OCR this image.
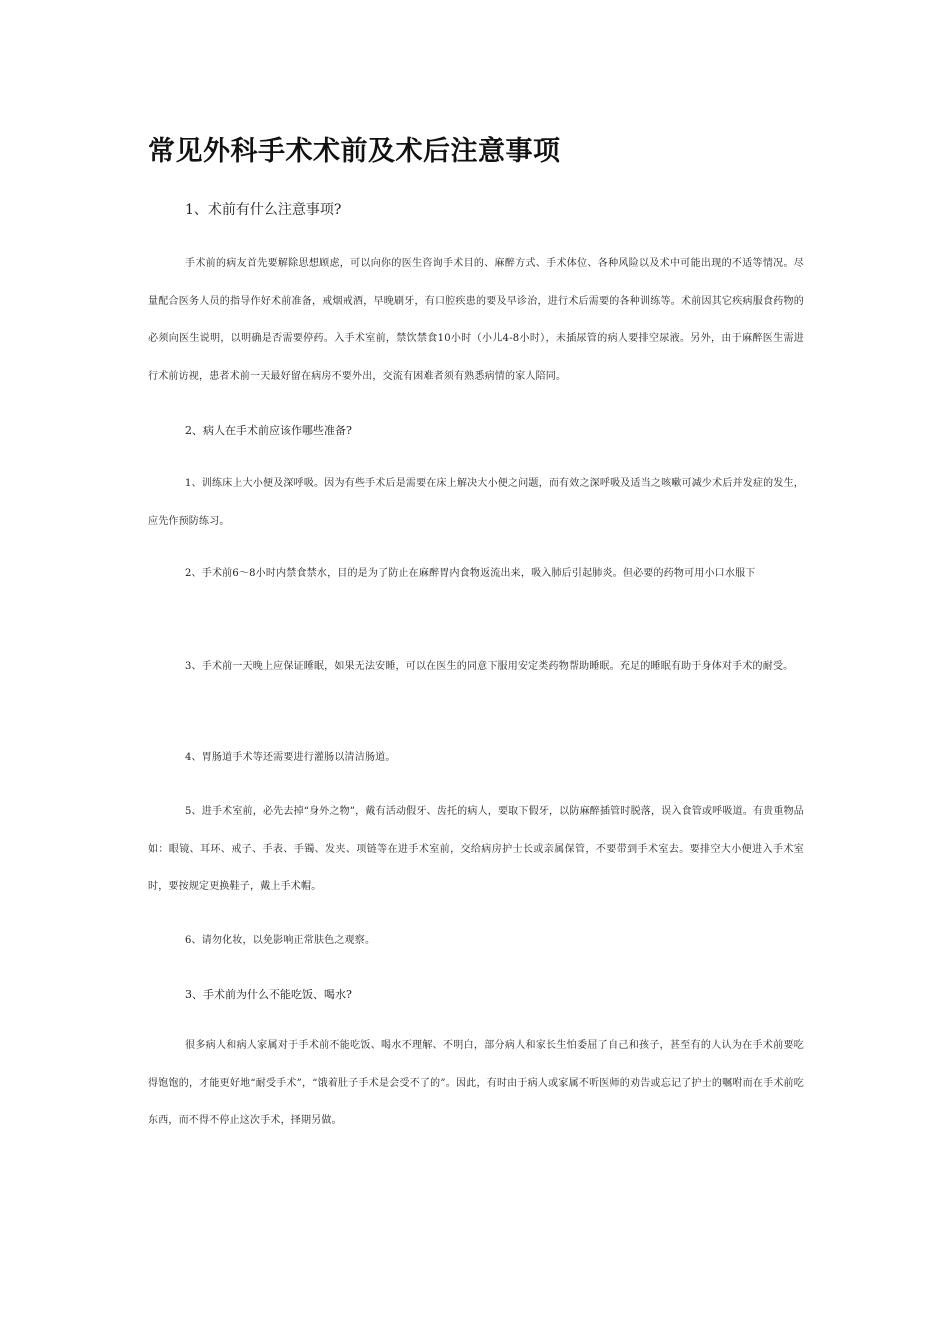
常见外科手术术前及术后注意事项

1、术前有什么注意事项?

手术前的病友首先要解除思想顾虑，可以向你的医生咨询手术目的、麻醉方式、手术体位、各种风险以及术中可能出现的不适等情况。尽量配合医务人员的指导作好术前准备，戒烟戒酒，早晚刷牙，有口腔疾患的要及早诊治，进行术后需要的各种训练等。术前因其它疾病服食药物的必须向医生说明，以明确是否需要停药。入手术室前，禁饮禁食10小时（小儿4-8小时），未插尿管的病人要排空尿液。另外，由于麻醉医生需进行术前访视，患者术前一天最好留在病房不要外出，交流有困难者须有熟悉病情的家人陪同。

2、病人在手术前应该作哪些准备?

1、训练床上大小便及深呼吸。因为有些手术后是需要在床上解决大小便之问题，而有效之深呼吸及适当之咳嗽可减少术后并发症的发生，应先作预防练习。

2、手术前6～8小时内禁食禁水，目的是为了防止在麻醉胃内食物返流出来，吸入肺后引起肺炎。但必要的药物可用小口水服下

3、手术前一天晚上应保证睡眠，如果无法安睡，可以在医生的同意下服用安定类药物帮助睡眠。充足的睡眠有助于身体对手术的耐受。

4、胃肠道手术等还需要进行灌肠以清洁肠道。

5、进手术室前，必先去掉“身外之物”，戴有活动假牙、齿托的病人，要取下假牙，以防麻醉插管时脱落，误入食管或呼吸道。有贵重物品如：眼镜、耳环、戒子、手表、手镯、发夹、项链等在进手术室前，交给病房护士长或亲属保管，不要带到手术室去。要排空大小便进入手术室时，要按规定更换鞋子，戴上手术帽。

6、请勿化妆，以免影响正常肤色之观察。

3、手术前为什么不能吃饭、喝水?

很多病人和病人家属对于手术前不能吃饭、喝水不理解、不明白，部分病人和家长生怕委屈了自己和孩子，甚至有的人认为在手术前要吃得饱饱的，才能更好地“耐受手术”，“饿着肚子手术是会受不了的”。因此，有时由于病人或家属不听医师的劝告或忘记了护士的嘱咐而在手术前吃东西，而不得不停止这次手术，择期另做。
